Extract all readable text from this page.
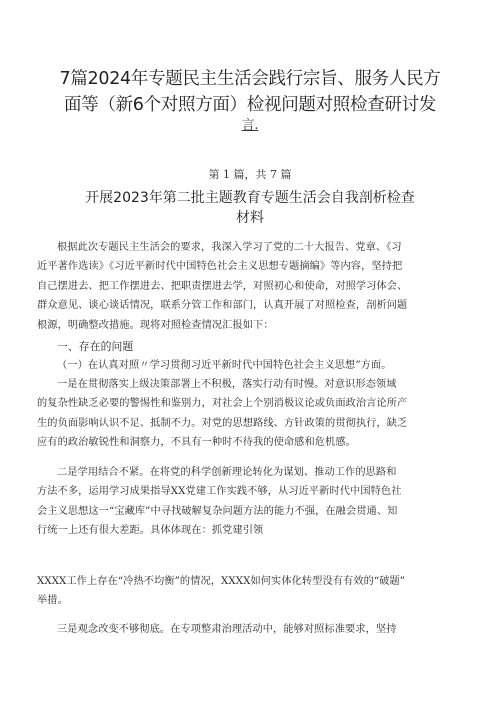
7篇2024年专题民主生活会践行宗旨、服务人民方
面等（新6个对照方面）检视问题对照检查研讨发
言.
第 1 篇，共 7 篇
开展2023年第二批主题教育专题生活会自我剖析检查
材料
根据此次专题民主生活会的要求，我深入学习了党的二十大报告、党章、《习
近平著作选读》《习近平新时代中国特色社会主义思想专题摘编》等内容，坚持把
自己摆进去、把工作摆进去、把职责摆进去学，对照初心和使命，对照学习体会、
群众意见、谈心谈话情况，联系分管工作和部门，认真开展了对照检查，剖析问题
根源，明确整改措施。现将对照检查情况汇报如下：
一、存在的问题
（一）在认真对照〃学习贯彻习近平新时代中国特色社会主义思想”方面。
一是在贯彻落实上级决策部署上不积极，落实行动有时慢。对意识形态领域
的复杂性缺乏必要的警惕性和鉴别力，对社会上个别消极议论或负面政治言论所产
生的负面影响认识不足、抵制不力。对党的思想路线、方针政策的贯彻执行，缺乏
应有的政治敏锐性和洞察力，不具有一种时不待我的使命感和危机感。
二是学用结合不紧。在将党的科学创新理论转化为谋划、推动工作的思路和
方法不多，运用学习成果指导XX党建工作实践不够，从习近平新时代中国特色社
会主义思想这一“宝藏库”中寻找破解复杂问题方法的能力不强，在融会贯通、知
行统一上还有很大差距。具体体现在：抓党建引领
XXXX工作上存在“冷热不均衡”的情况，XXXX如何实体化转型没有有效的“破题”
举措。
三是观念改变不够彻底。在专项整肃治理活动中，能够对照标准要求，坚持
